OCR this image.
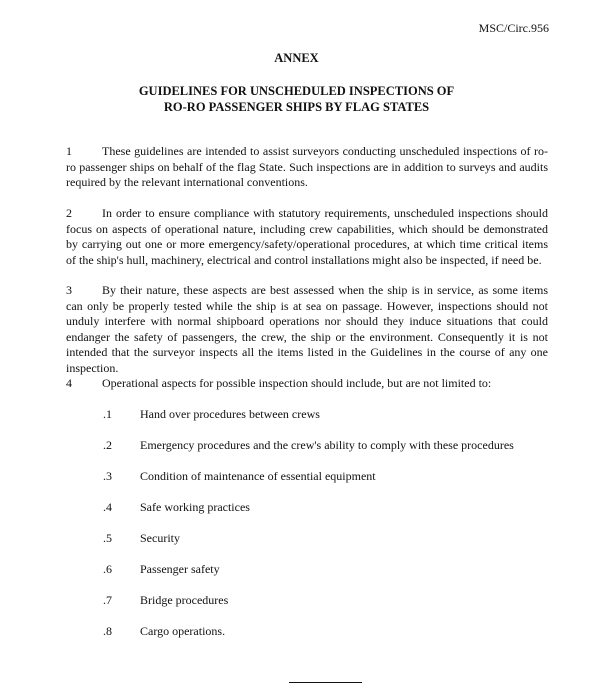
MSC/Circ.956
ANNEX
GUIDELINES FOR UNSCHEDULED INSPECTIONS OF
RO-RO PASSENGER SHIPS BY FLAG STATES
1	These guidelines are intended to assist surveyors conducting unscheduled inspections of ro-ro passenger ships on behalf of the flag State. Such inspections are in addition to surveys and audits required by the relevant international conventions.
2	In order to ensure compliance with statutory requirements, unscheduled inspections should focus on aspects of operational nature, including crew capabilities, which should be demonstrated by carrying out one or more emergency/safety/operational procedures, at which time critical items of the ship's hull, machinery, electrical and control installations might also be inspected, if need be.
3	By their nature, these aspects are best assessed when the ship is in service, as some items can only be properly tested while the ship is at sea on passage. However, inspections should not unduly interfere with normal shipboard operations nor should they induce situations that could endanger the safety of passengers, the crew, the ship or the environment. Consequently it is not intended that the surveyor inspects all the items listed in the Guidelines in the course of any one inspection.
4	Operational aspects for possible inspection should include, but are not limited to:
.1 Hand over procedures between crews
.2 Emergency procedures and the crew's ability to comply with these procedures
.3 Condition of maintenance of essential equipment
.4 Safe working practices
.5 Security
.6 Passenger safety
.7 Bridge procedures
.8 Cargo operations.
